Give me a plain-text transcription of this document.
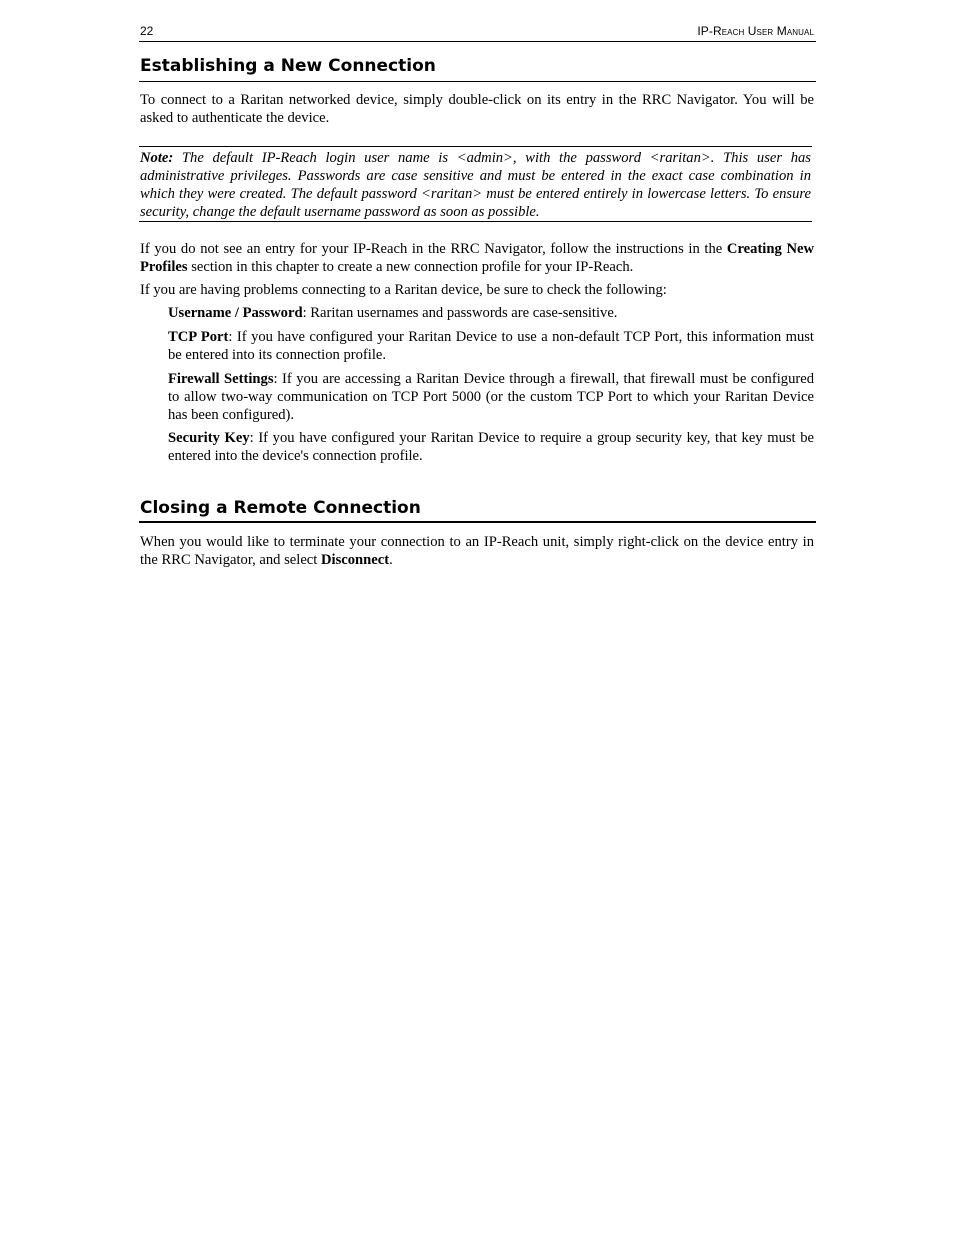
22	IP-Reach User Manual
Establishing a New Connection

To connect to a Raritan networked device, simply double-click on its entry in the RRC Navigator. You will be asked to authenticate the device.

Note: The default IP-Reach login user name is <admin>, with the password <raritan>. This user has administrative privileges. Passwords are case sensitive and must be entered in the exact case combination in which they were created. The default password <raritan> must be entered entirely in lowercase letters. To ensure security, change the default username password as soon as possible.

If you do not see an entry for your IP-Reach in the RRC Navigator, follow the instructions in the Creating New Profiles section in this chapter to create a new connection profile for your IP-Reach.

If you are having problems connecting to a Raritan device, be sure to check the following:

Username / Password: Raritan usernames and passwords are case-sensitive.

TCP Port: If you have configured your Raritan Device to use a non-default TCP Port, this information must be entered into its connection profile.

Firewall Settings: If you are accessing a Raritan Device through a firewall, that firewall must be configured to allow two-way communication on TCP Port 5000 (or the custom TCP Port to which your Raritan Device has been configured).

Security Key: If you have configured your Raritan Device to require a group security key, that key must be entered into the device's connection profile.

Closing a Remote Connection

When you would like to terminate your connection to an IP-Reach unit, simply right-click on the device entry in the RRC Navigator, and select Disconnect.
